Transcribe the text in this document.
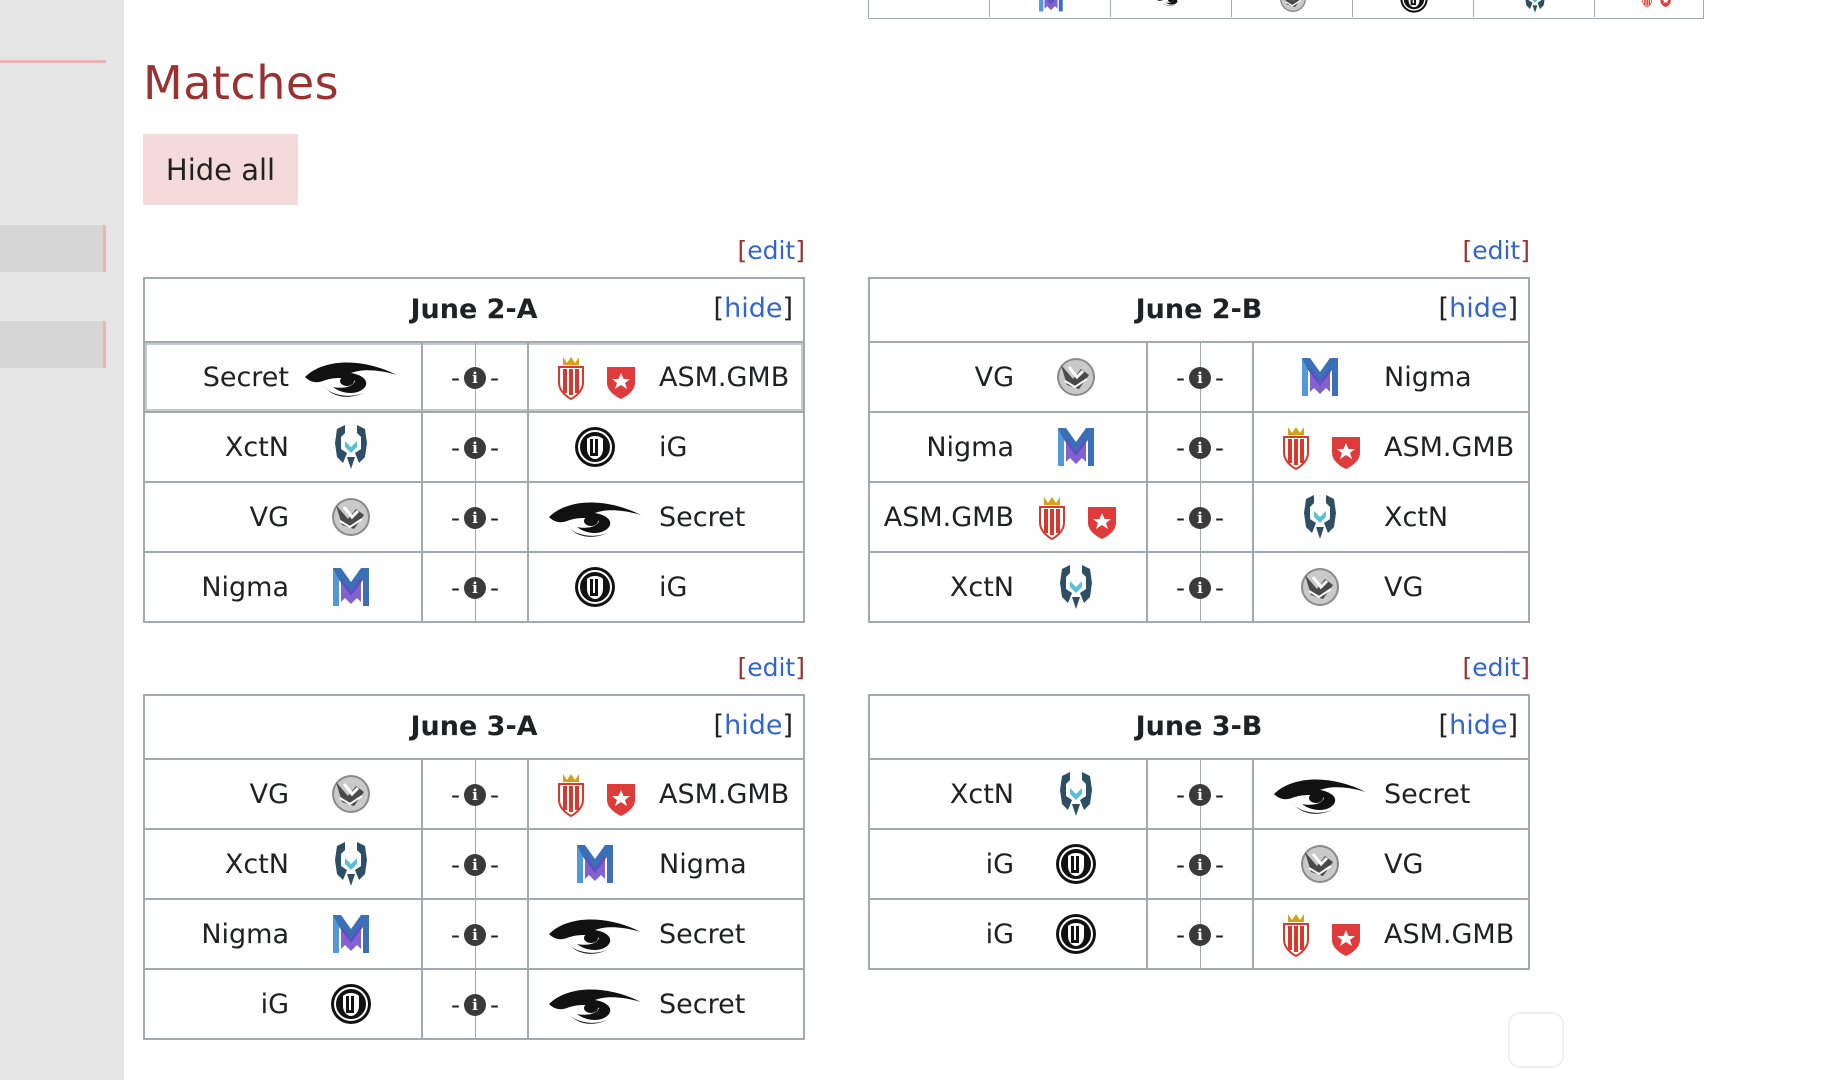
Matches
Hide all
[edit]
June 2-A	[hide]
Secret	- i -	ASM.GMB
XctN	- i -	iG
VG	- i -	Secret
Nigma	- i -	iG
[edit]
June 2-B	[hide]
VG	- i -	Nigma
Nigma	- i -	ASM.GMB
ASM.GMB	- i -	XctN
XctN	- i -	VG
[edit]
June 3-A	[hide]
VG	- i -	ASM.GMB
XctN	- i -	Nigma
Nigma	- i -	Secret
iG	- i -	Secret
[edit]
June 3-B	[hide]
XctN	- i -	Secret
iG	- i -	VG
iG	- i -	ASM.GMB
